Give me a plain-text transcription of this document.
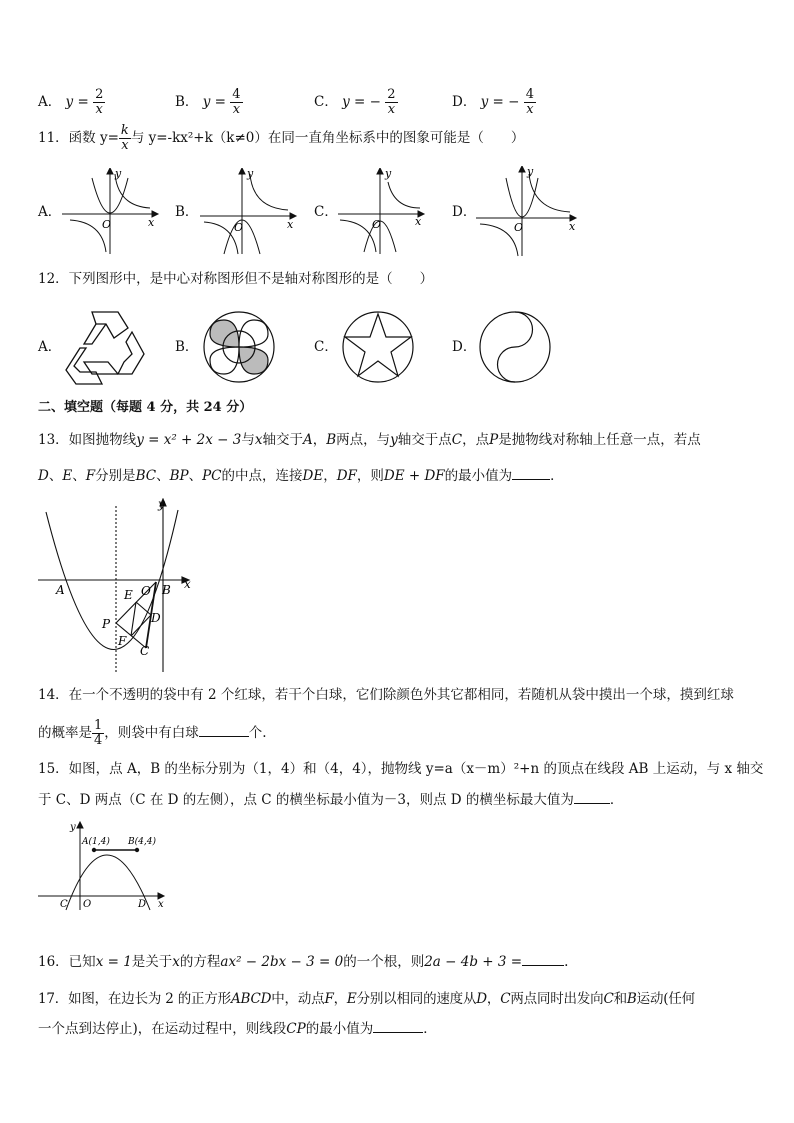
A． $y = \frac{2}{x}$	B． $y = \frac{4}{x}$	C． y = − $\frac{2}{x}$	D． y = − $\frac{4}{x}$
11．函数 $y= \frac{k}{x}$ 与 y=-kx²+k（k≠0）在同一直角坐标系中的图象可能是（　　）
A．	B．	C．	D．
O	x
y
O	x
y
O	x
y
O	x
y
12．下列图形中，是中心对称图形但不是轴对称图形的是（　　）
A．	B．	C．	D．
二、填空题（每题 4 分，共 24 分）
13．如图抛物线y = x² + 2x − 3与x轴交于A，B两点，与y轴交于点C，点P是抛物线对称轴上任意一点，若点
D、E、F分别是BC、BP、PC的中点，连接DE，DF，则DE + DF的最小值为	．
A	B
O
E
D
P
F
C
x
y
14．在一个不透明的袋中有 2 个红球，若干个白球，它们除颜色外其它都相同，若随机从袋中摸出一个球，摸到红球
的概率是 $\frac{1}{4}$ ，则袋中有白球	个.
15．如图，点 A，B 的坐标分别为（1，4）和（4，4），抛物线 y=a（x－m）²+n 的顶点在线段 AB 上运动，与 x 轴交
于 C、D 两点（C 在 D 的左侧），点 C 的横坐标最小值为－3，则点 D 的横坐标最大值为	．
A(1,4) B(4,4)
C O	D x
y
16．已知x = 1是关于x的方程ax² − 2bx − 3 = 0的一个根，则2a − 4b + 3 =	.
17．如图，在边长为 2 的正方形ABCD中，动点F，E分别以相同的速度从D，C两点同时出发向C和B运动(任何
一个点到达停止)，在运动过程中，则线段CP的最小值为	．
